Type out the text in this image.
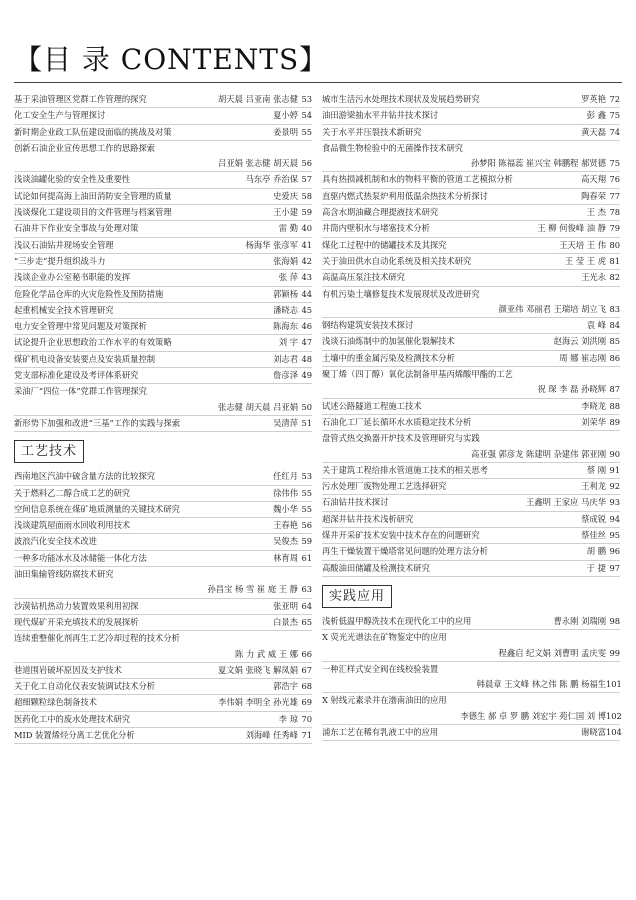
【目 录 CONTENTS】
基于采油管理区党群工作管理的探究	胡天晨 吕亚南 张志健 53
化工安全生产与管理探讨	夏小婷 54
新时期企业政工队伍建设面临的挑战及对策	姜景明 55
创新石油企业宣传思想工作的思路探索
吕亚娟 张志健 胡天晨 56
浅谈油罐化验的安全性及重要性	马东亭 乔治保 57
试论如何提高海上油田消防安全管理的质量	史爱庆 58
浅谈煤化工建设项目的文件管理与档案管理	王小建 59
石油井下作业安全事故与处理对策	雷 勤 40
浅议石油钻井现场安全管理	杨海华 张彦军 41
“三步走”提升组织战斗力	张海娟 42
浅谈企业办公室秘书职能的发挥	张 萍 43
危险化学品仓库的火灾危险性及预防措施	郭颖杨 44
起重机械安全技术管理研究	潘晓志 45
电力安全管理中常见问题及对策探析	陈海东 46
试论提升企业思想政治工作水平的有效策略	刘 宇 47
煤矿机电设备安装要点及安装质量控制	刘志君 48
党支部标准化建设及考评体系研究	詹彦泽 49
采油厂“四位一体”党群工作管理探究
张志健 胡天晨 吕亚娟 50
新形势下加强和改进“三基”工作的实践与探索	吴清萍 51
工艺技术
西南地区汽油中硫含量方法的比较探究	任红月 53
关于燃料乙二醇合成工艺的研究	徐伟伟 55
空间信息系统在煤矿地质测量的关键技术研究	魏小华 55
浅谈建筑屋面雨水回收利用技术	王春艳 56
波浪汽化安全技术改进	吴俊杰 59
一种多功能冰水及冰储能一体化方法	林育周 61
油田集输管线防腐技术研究
孙昌宝 杨 雪 崔 庭 王 静 63
沙漠钻机热动力装置效果利用初探	张亚明 64
现代煤矿开采充填技术的发展探析	白景杰 65
连续重整催化剂再生工艺冷却过程的技术分析
陈 力 武 威 王 娜 66
巷道围岩破坏原因及支护技术	夏文娟 张晓飞 解凤娟 67
关于化工自动化仪表安装调试技术分析	郭浩宇 68
超细颗粒绿色制备技术	李伟娟 李明全 孙光雄 69
医药化工中的废水处理技术研究	李 琼 70
MID 装置烯烃分离工艺优化分析	刘海峰 任秀峰 71
城市生活污水处理技术现状及发展趋势研究	罗英艳 72
油田游梁抽水平井钻井技术探讨	彭 鑫 75
关于水平井压裂技术新研究	黄天磊 74
食品微生物检验中的无菌操作技术研究
孙梦阳 陈福蕊 崔兴宝 韩鹏程 郝贤德 75
具有热损减机制和水的物料平衡的管道工艺模拟分析	高天翔 76
直驱内燃式热泵炉利用低温余热技术分析探讨	陶春荣 77
高含水期油藏合理提液技术研究	王 杰 78
井筒内壁积水与堵塞技术分析	王 柳 何俊峰 油 静 79
煤化工过程中的储罐技术及其探究	王天培 王 伟 80
关于油田供水自动化系统及相关技术研究	王 莹 王 虎 81
高温高压泵注技术研究	王光永 82
有机污染土壤修复技术发展现状及改进研究
颜亚伟 邓丽君 王瑞培 胡立飞 83
钢结构建筑安装技术探讨	袁 峰 84
浅谈石油炼制中的加氢催化裂解技术	赵海云 刘洪刚 85
土壤中的重金属污染及检测技术分析	周 娜 崔志刚 86
聚丁烯（四丁醇）氧化法制备甲基丙烯酸甲酯的工艺
祝 琛 李 磊 孙晓辉 87
试述公路隧道工程施工技术	李晓龙 88
石油化工厂延长循环水水质稳定技术分析	刘荣华 89
盘管式热交换器开炉技术及管理研究与实践
高亚强 郭彦龙 陈建明 杂建伟 郭亚刚 90
关于建筑工程给排水管道施工技术的相关思考	蔡 刚 91
污水处理厂废物处理工艺选择研究	王利龙 92
石油钻井技术探讨	王鑫明 王家应 马庆华 93
超深井钻井技术浅析研究	蔡成锐 94
煤井开采矿技术安装中技术存在的问题研究	蔡佳丝 95
再生干燥装置干燥塔常见问题的处理方法分析	胡 鹏 96
高酸油田储罐及检测技术研究	于 捷 97
实践应用
浅析低温甲醇洗技术在现代化工中的应用	曹永刚 刘瑞刚 98
X 荧光光谱法在矿物鉴定中的应用
程鑫启 纪文娟 刘曹明 孟庆雯 99
一种汇样式安全阀在线校验装置
韩晨章 王文峰 林之伟 陈 鹏 杨福生 101
X 射线元素录井在渤南油田的应用
李德生 郝 卓 罗 鹏 刘宏宇 苑仁国 刘 博 102
浦东工艺在稀有乳液工中的应用	谢晓富 104
